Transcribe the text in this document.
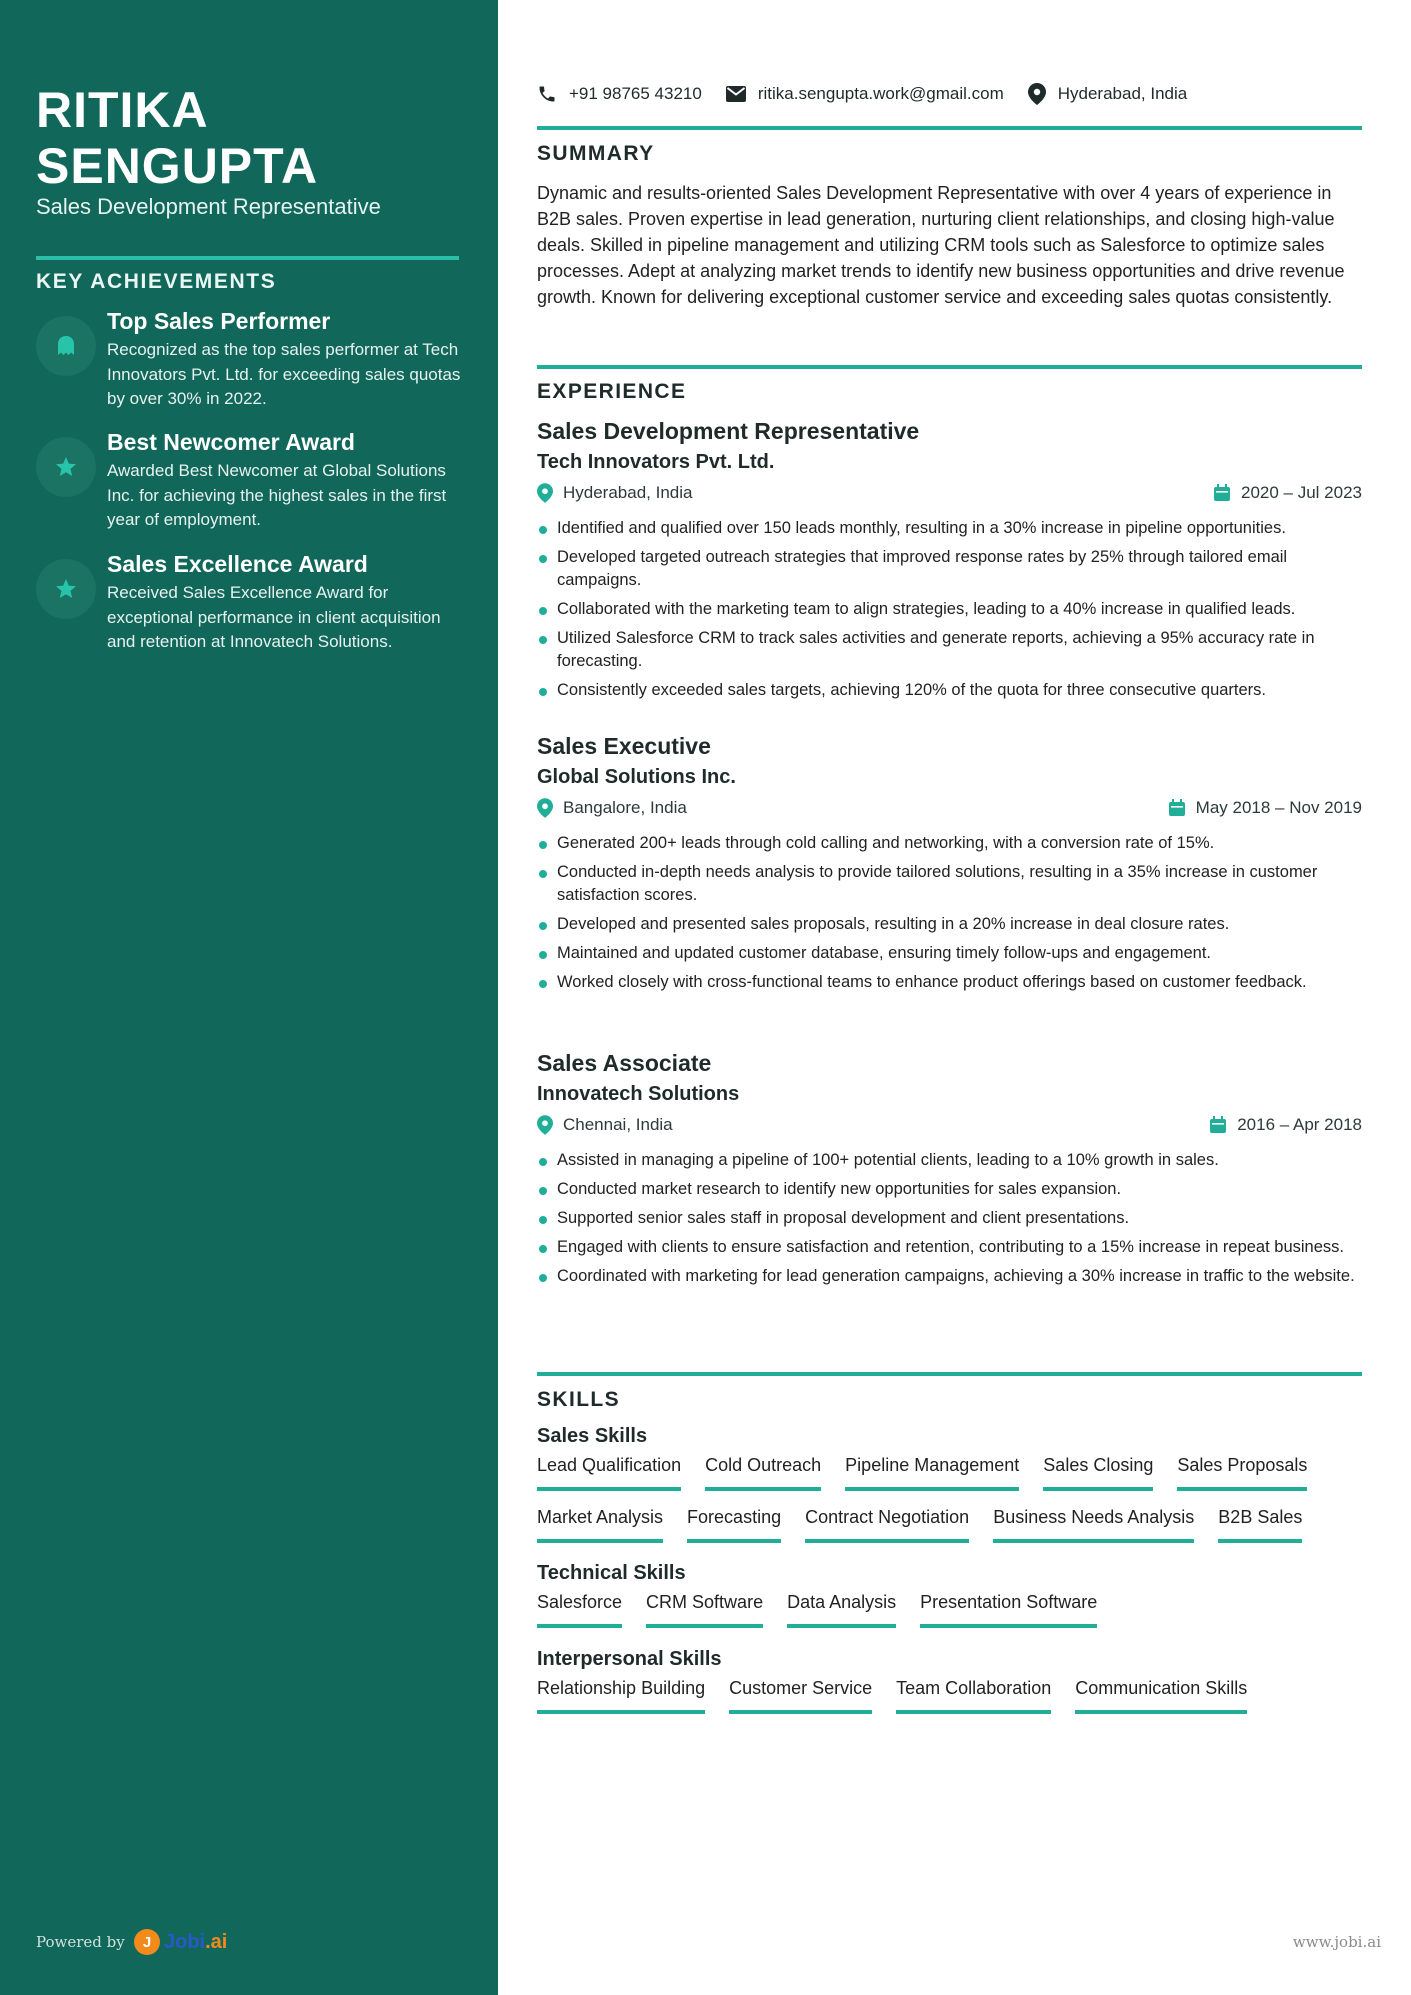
RITIKA
SENGUPTA
Sales Development Representative
KEY ACHIEVEMENTS
Top Sales Performer
Recognized as the top sales performer at Tech Innovators Pvt. Ltd. for exceeding sales quotas by over 30% in 2022.
Best Newcomer Award
Awarded Best Newcomer at Global Solutions Inc. for achieving the highest sales in the first year of employment.
Sales Excellence Award
Received Sales Excellence Award for exceptional performance in client acquisition and retention at Innovatech Solutions.
Powered by	J Jobi.ai
+91 98765 43210	ritika.sengupta.work@gmail.com	Hyderabad, India
SUMMARY
Dynamic and results-oriented Sales Development Representative with over 4 years of experience in B2B sales. Proven expertise in lead generation, nurturing client relationships, and closing high-value deals. Skilled in pipeline management and utilizing CRM tools such as Salesforce to optimize sales processes. Adept at analyzing market trends to identify new business opportunities and drive revenue growth. Known for delivering exceptional customer service and exceeding sales quotas consistently.
EXPERIENCE
Sales Development Representative
Tech Innovators Pvt. Ltd.
Hyderabad, India	2020 – Jul 2023
Identified and qualified over 150 leads monthly, resulting in a 30% increase in pipeline opportunities.
Developed targeted outreach strategies that improved response rates by 25% through tailored email campaigns.
Collaborated with the marketing team to align strategies, leading to a 40% increase in qualified leads.
Utilized Salesforce CRM to track sales activities and generate reports, achieving a 95% accuracy rate in forecasting.
Consistently exceeded sales targets, achieving 120% of the quota for three consecutive quarters.
Sales Executive
Global Solutions Inc.
Bangalore, India	May 2018 – Nov 2019
Generated 200+ leads through cold calling and networking, with a conversion rate of 15%.
Conducted in-depth needs analysis to provide tailored solutions, resulting in a 35% increase in customer satisfaction scores.
Developed and presented sales proposals, resulting in a 20% increase in deal closure rates.
Maintained and updated customer database, ensuring timely follow-ups and engagement.
Worked closely with cross-functional teams to enhance product offerings based on customer feedback.
Sales Associate
Innovatech Solutions
Chennai, India	2016 – Apr 2018
Assisted in managing a pipeline of 100+ potential clients, leading to a 10% growth in sales.
Conducted market research to identify new opportunities for sales expansion.
Supported senior sales staff in proposal development and client presentations.
Engaged with clients to ensure satisfaction and retention, contributing to a 15% increase in repeat business.
Coordinated with marketing for lead generation campaigns, achieving a 30% increase in traffic to the website.
SKILLS
Sales Skills
Lead Qualification Cold Outreach Pipeline Management Sales Closing Sales Proposals
Market Analysis Forecasting Contract Negotiation Business Needs Analysis B2B Sales
Technical Skills
Salesforce CRM Software Data Analysis Presentation Software
Interpersonal Skills
Relationship Building Customer Service Team Collaboration Communication Skills
www.jobi.ai
